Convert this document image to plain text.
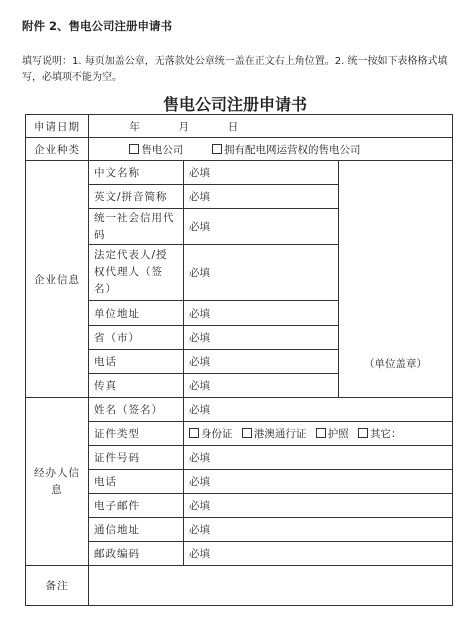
附件 2、售电公司注册申请书
填写说明：1. 每页加盖公章，无落款处公章统一盖在正文右上角位置。2. 统一按如下表格格式填写，必填项不能为空。
售电公司注册申请书
申请日期	年 月 日		
企业种类	售电公司 拥有配电网运营权的售电公司		
企业信息	中文名称	必填	（单位盖章）
	英文/拼音简称	必填	
	统一社会信用代码	必填	
	法定代表人/授权代理人（签名）	必填	
	单位地址	必填	
	省（市）	必填	
	电话	必填	
	传真	必填	
经办人信息	姓名（签名）	必填	
	证件类型	身份证 港澳通行证 护照 其它：	
	证件号码	必填	
	电话	必填	
	电子邮件	必填	
	通信地址	必填	
	邮政编码	必填	
备注			
